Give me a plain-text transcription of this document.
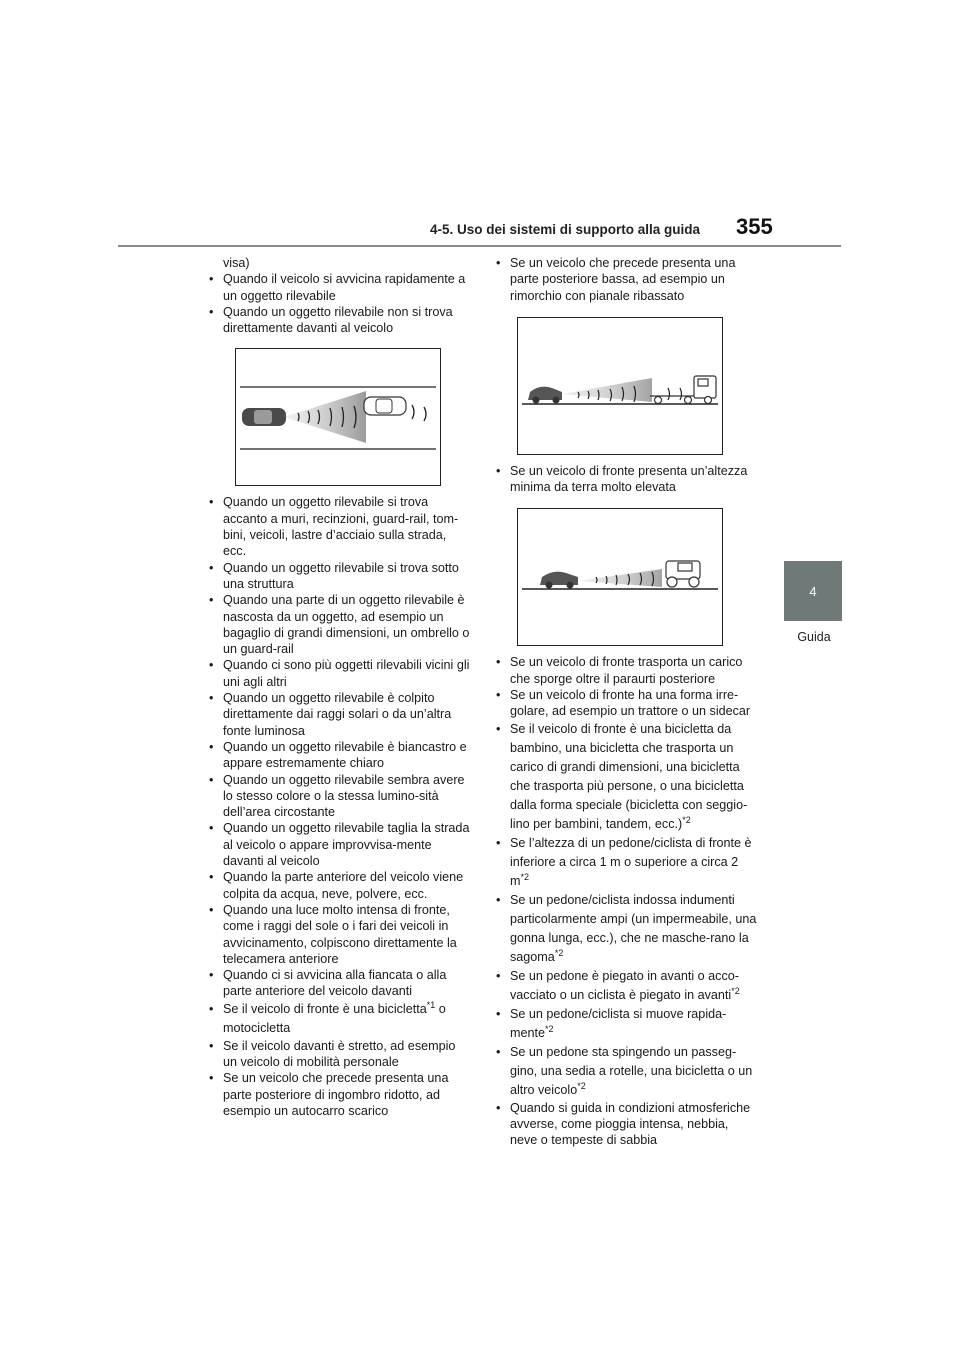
4-5. Uso dei sistemi di supporto alla guida 355
4
Guida
visa)
• Quando il veicolo si avvicina rapidamente a un oggetto rilevabile
• Quando un oggetto rilevabile non si trova direttamente davanti al veicolo
• Quando un oggetto rilevabile si trova accanto a muri, recinzioni, guard-rail, tom-bini, veicoli, lastre d’acciaio sulla strada, ecc.
• Quando un oggetto rilevabile si trova sotto una struttura
• Quando una parte di un oggetto rilevabile è nascosta da un oggetto, ad esempio un bagaglio di grandi dimensioni, un ombrello o un guard-rail
• Quando ci sono più oggetti rilevabili vicini gli uni agli altri
• Quando un oggetto rilevabile è colpito direttamente dai raggi solari o da un’altra fonte luminosa
• Quando un oggetto rilevabile è biancastro e appare estremamente chiaro
• Quando un oggetto rilevabile sembra avere lo stesso colore o la stessa lumino-sità dell’area circostante
• Quando un oggetto rilevabile taglia la strada al veicolo o appare improvvisa-mente davanti al veicolo
• Quando la parte anteriore del veicolo viene colpita da acqua, neve, polvere, ecc.
• Quando una luce molto intensa di fronte, come i raggi del sole o i fari dei veicoli in avvicinamento, colpiscono direttamente la telecamera anteriore
• Quando ci si avvicina alla fiancata o alla parte anteriore del veicolo davanti
• Se il veicolo di fronte è una bicicletta$^{*1}$ o motocicletta
• Se il veicolo davanti è stretto, ad esempio un veicolo di mobilità personale
• Se un veicolo che precede presenta una parte posteriore di ingombro ridotto, ad esempio un autocarro scarico
• Se un veicolo che precede presenta una parte posteriore bassa, ad esempio un rimorchio con pianale ribassato
• Se un veicolo di fronte presenta un’altezza minima da terra molto elevata
• Se un veicolo di fronte trasporta un carico che sporge oltre il paraurti posteriore
• Se un veicolo di fronte ha una forma irre-golare, ad esempio un trattore o un sidecar
• Se il veicolo di fronte è una bicicletta da bambino, una bicicletta che trasporta un carico di grandi dimensioni, una bicicletta che trasporta più persone, o una bicicletta dalla forma speciale (bicicletta con seggio-lino per bambini, tandem, ecc.)$^{*2}$
• Se l’altezza di un pedone/ciclista di fronte è inferiore a circa 1 m o superiore a circa 2 $m^{*2}$
• Se un pedone/ciclista indossa indumenti particolarmente ampi (un impermeabile, una gonna lunga, ecc.), che ne masche-rano la sagoma$^{*2}$
• Se un pedone è piegato in avanti o acco-vacciato o un ciclista è piegato in avanti$^{*2}$
• Se un pedone/ciclista si muove rapida-mente$^{*2}$
• Se un pedone sta spingendo un passeg-gino, una sedia a rotelle, una bicicletta o un altro veicolo$^{*2}$
• Quando si guida in condizioni atmosferiche avverse, come pioggia intensa, nebbia, neve o tempeste di sabbia
